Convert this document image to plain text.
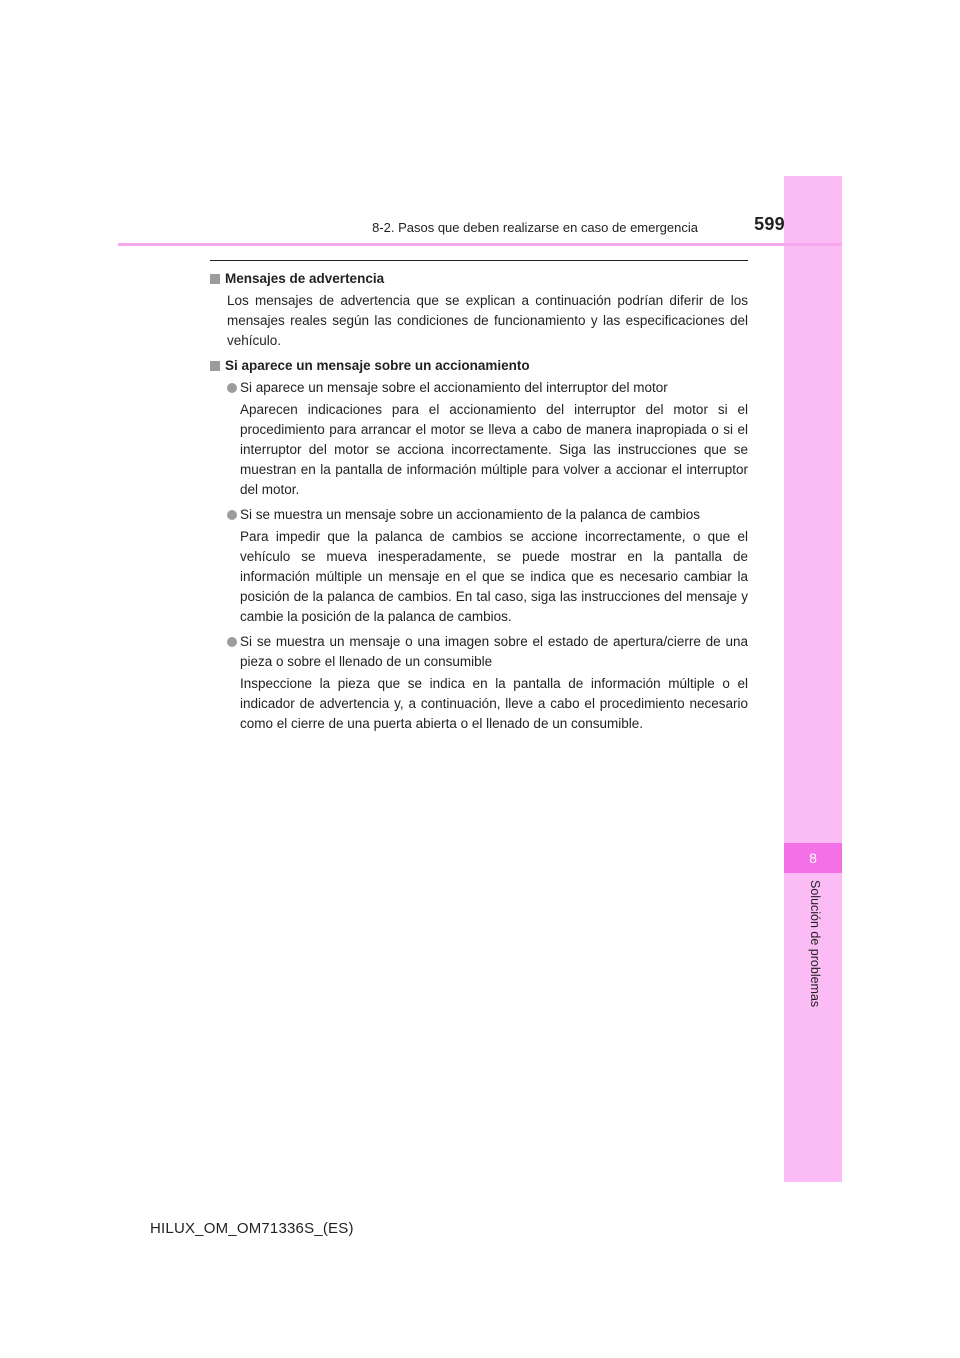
8
Solución de problemas
8-2. Pasos que deben realizarse en caso de emergencia	599
Mensajes de advertencia

Los mensajes de advertencia que se explican a continuación podrían diferir de los mensajes reales según las condiciones de funcionamiento y las especificaciones del vehículo.

Si aparece un mensaje sobre un accionamiento
Si aparece un mensaje sobre el accionamiento del interruptor del motor

Aparecen indicaciones para el accionamiento del interruptor del motor si el procedimiento para arrancar el motor se lleva a cabo de manera inapropiada o si el interruptor del motor se acciona incorrectamente. Siga las instrucciones que se muestran en la pantalla de información múltiple para volver a accionar el interruptor del motor.

Si se muestra un mensaje sobre un accionamiento de la palanca de cambios

Para impedir que la palanca de cambios se accione incorrectamente, o que el vehículo se mueva inesperadamente, se puede mostrar en la pantalla de información múltiple un mensaje en el que se indica que es necesario cambiar la posición de la palanca de cambios. En tal caso, siga las instrucciones del mensaje y cambie la posición de la palanca de cambios.

Si se muestra un mensaje o una imagen sobre el estado de apertura/cierre de una pieza o sobre el llenado de un consumible

Inspeccione la pieza que se indica en la pantalla de información múltiple o el indicador de advertencia y, a continuación, lleve a cabo el procedimiento necesario como el cierre de una puerta abierta o el llenado de un consumible.

HILUX_OM_OM71336S_(ES)
